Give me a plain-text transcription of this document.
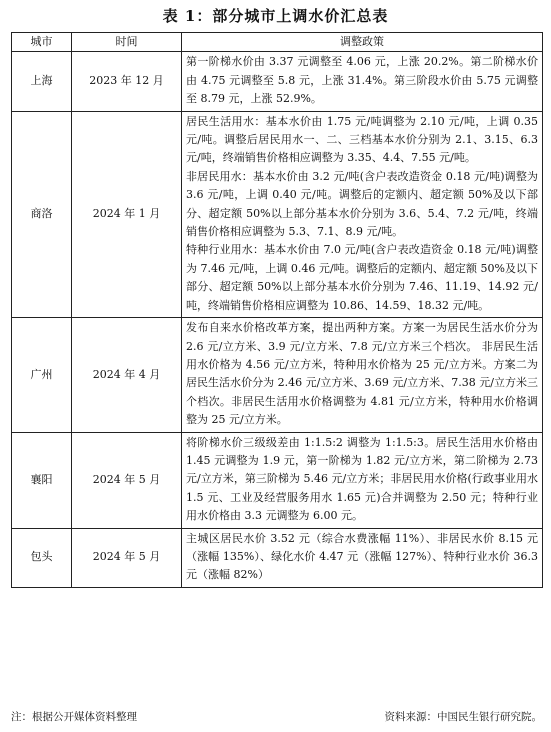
表 1：部分城市上调水价汇总表
城市	时间	调整政策
上海	2023 年 12 月	第一阶梯水价由 3.37 元调整至 4.06 元，上涨 20.2%。第二阶梯水价由 4.75 元调整至 5.8 元，上涨 31.4%。第三阶段水价由 5.75 元调整至 8.79 元，上涨 52.9%。

商洛	2024 年 1 月	居民生活用水：基本水价由 1.75 元/吨调整为 2.10 元/吨，上调 0.35 元/吨。调整后居民用水一、二、三档基本水价分别为 2.1、3.15、6.3 元/吨，终端销售价格相应调整为 3.35、4.4、7.55 元/吨。

非居民用水：基本水价由 3.2 元/吨(含户表改造资金 0.18 元/吨)调整为 3.6 元/吨，上调 0.40 元/吨。调整后的定额内、超定额 50%及以下部分、超定额 50%以上部分基本水价分别为 3.6、5.4、7.2 元/吨，终端销售价格相应调整为 5.3、7.1、8.9 元/吨。

特种行业用水：基本水价由 7.0 元/吨(含户表改造资金 0.18 元/吨)调整为 7.46 元/吨，上调 0.46 元/吨。调整后的定额内、超定额 50%及以下部分、超定额 50%以上部分基本水价分别为 7.46、11.19、14.92 元/吨，终端销售价格相应调整为 10.86、14.59、18.32 元/吨。

广州	2024 年 4 月	发布自来水价格改革方案，提出两种方案。方案一为居民生活水价分为 2.6 元/立方米、3.9 元/立方米、7.8 元/立方米三个档次。 非居民生活用水价格为 4.56 元/立方米，特种用水价格为 25 元/立方米。方案二为居民生活水价分为 2.46 元/立方米、3.69 元/立方米、7.38 元/立方米三个档次。非居民生活用水价格调整为 4.81 元/立方米，特种用水价格调整为 25 元/立方米。

襄阳	2024 年 5 月	将阶梯水价三级级差由 1:1.5:2 调整为 1:1.5:3。居民生活用水价格由 1.45 元调整为 1.9 元，第一阶梯为 1.82 元/立方米，第二阶梯为 2.73 元/立方米，第三阶梯为 5.46 元/立方米；非居民用水价格(行政事业用水 1.5 元、工业及经营服务用水 1.65 元)合并调整为 2.50 元；特种行业用水价格由 3.3 元调整为 6.00 元。

包头	2024 年 5 月	主城区居民水价 3.52 元（综合水费涨幅 11%）、非居民水价 8.15 元（涨幅 135%）、绿化水价 4.47 元（涨幅 127%）、特种行业水价 36.3 元（涨幅 82%）

注：根据公开媒体资料整理	资料来源：中国民生银行研究院。
